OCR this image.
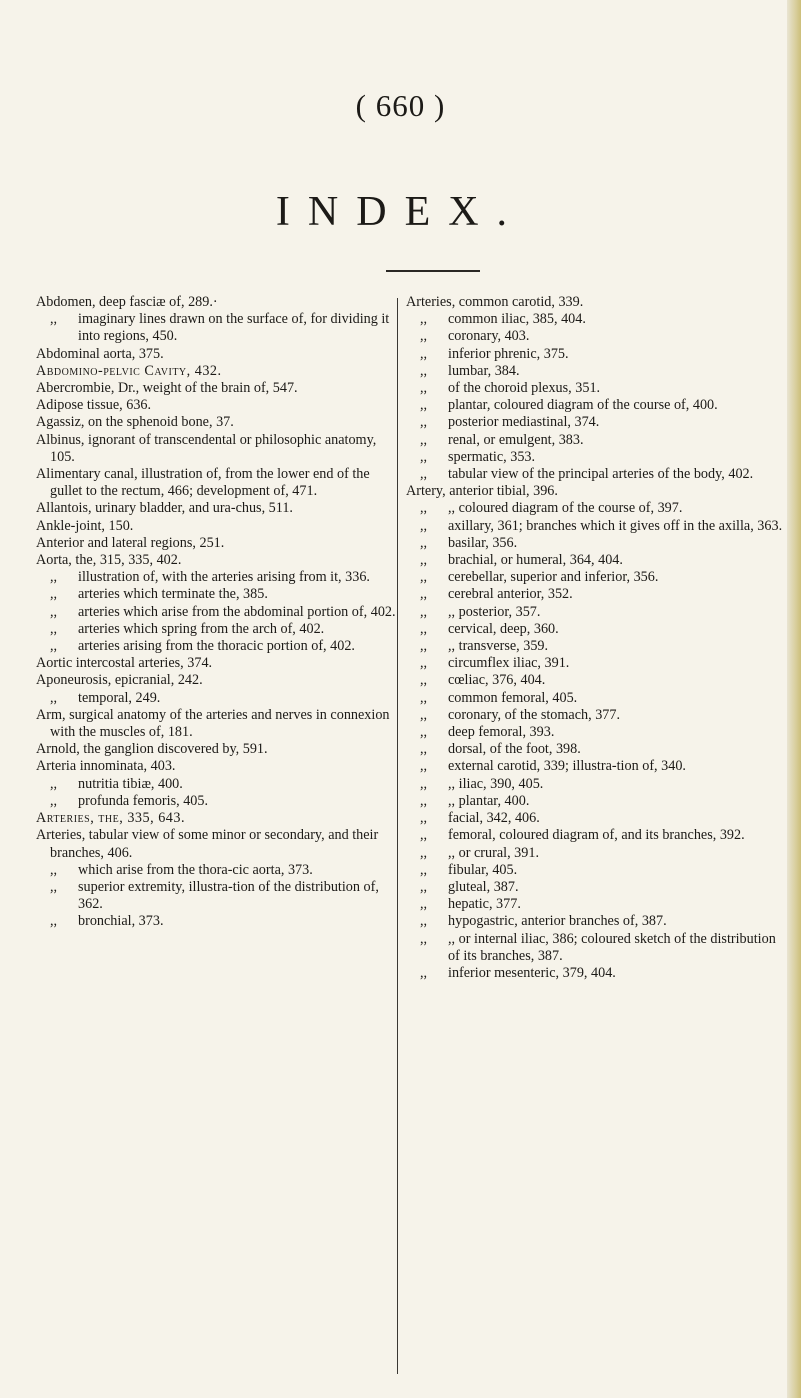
( 660 )
INDEX.

Abdomen, deep fasciæ of, 289.·

,, imaginary lines drawn on the surface of, for dividing it into regions, 450.

Abdominal aorta, 375.

Abdomino-pelvic Cavity, 432.

Abercrombie, Dr., weight of the brain of, 547.

Adipose tissue, 636.

Agassiz, on the sphenoid bone, 37.

Albinus, ignorant of transcendental or philosophic anatomy, 105.

Alimentary canal, illustration of, from the lower end of the gullet to the rectum, 466; development of, 471.

Allantois, urinary bladder, and ura-chus, 511.

Ankle-joint, 150.

Anterior and lateral regions, 251.

Aorta, the, 315, 335, 402.

,, illustration of, with the arteries arising from it, 336.

,, arteries which terminate the, 385.

,, arteries which arise from the abdominal portion of, 402.

,, arteries which spring from the arch of, 402.

,, arteries arising from the thoracic portion of, 402.

Aortic intercostal arteries, 374.

Aponeurosis, epicranial, 242.

,, temporal, 249.

Arm, surgical anatomy of the arteries and nerves in connexion with the muscles of, 181.

Arnold, the ganglion discovered by, 591.

Arteria innominata, 403.

,, nutritia tibiæ, 400.

,, profunda femoris, 405.

Arteries, the, 335, 643.

Arteries, tabular view of some minor or secondary, and their branches, 406.

,, which arise from the thora-cic aorta, 373.

,, superior extremity, illustra-tion of the distribution of, 362.

,, bronchial, 373.

Arteries, common carotid, 339.

,, common iliac, 385, 404.

,, coronary, 403.

,, inferior phrenic, 375.

,, lumbar, 384.

,, of the choroid plexus, 351.

,, plantar, coloured diagram of the course of, 400.

,, posterior mediastinal, 374.

,, renal, or emulgent, 383.

,, spermatic, 353.

,, tabular view of the principal arteries of the body, 402.

Artery, anterior tibial, 396.

,, ,, coloured diagram of the course of, 397.

,, axillary, 361; branches which it gives off in the axilla, 363.

,, basilar, 356.

,, brachial, or humeral, 364, 404.

,, cerebellar, superior and inferior, 356.

,, cerebral anterior, 352.

,, ,, posterior, 357.

,, cervical, deep, 360.

,, ,, transverse, 359.

,, circumflex iliac, 391.

,, cœliac, 376, 404.

,, common femoral, 405.

,, coronary, of the stomach, 377.

,, deep femoral, 393.

,, dorsal, of the foot, 398.

,, external carotid, 339; illustra-tion of, 340.

,, ,, iliac, 390, 405.

,, ,, plantar, 400.

,, facial, 342, 406.

,, femoral, coloured diagram of, and its branches, 392.

,, ,, or crural, 391.

,, fibular, 405.

,, gluteal, 387.

,, hepatic, 377.

,, hypogastric, anterior branches of, 387.

,, ,, or internal iliac, 386; coloured sketch of the distribution of its branches, 387.

,, inferior mesenteric, 379, 404.
